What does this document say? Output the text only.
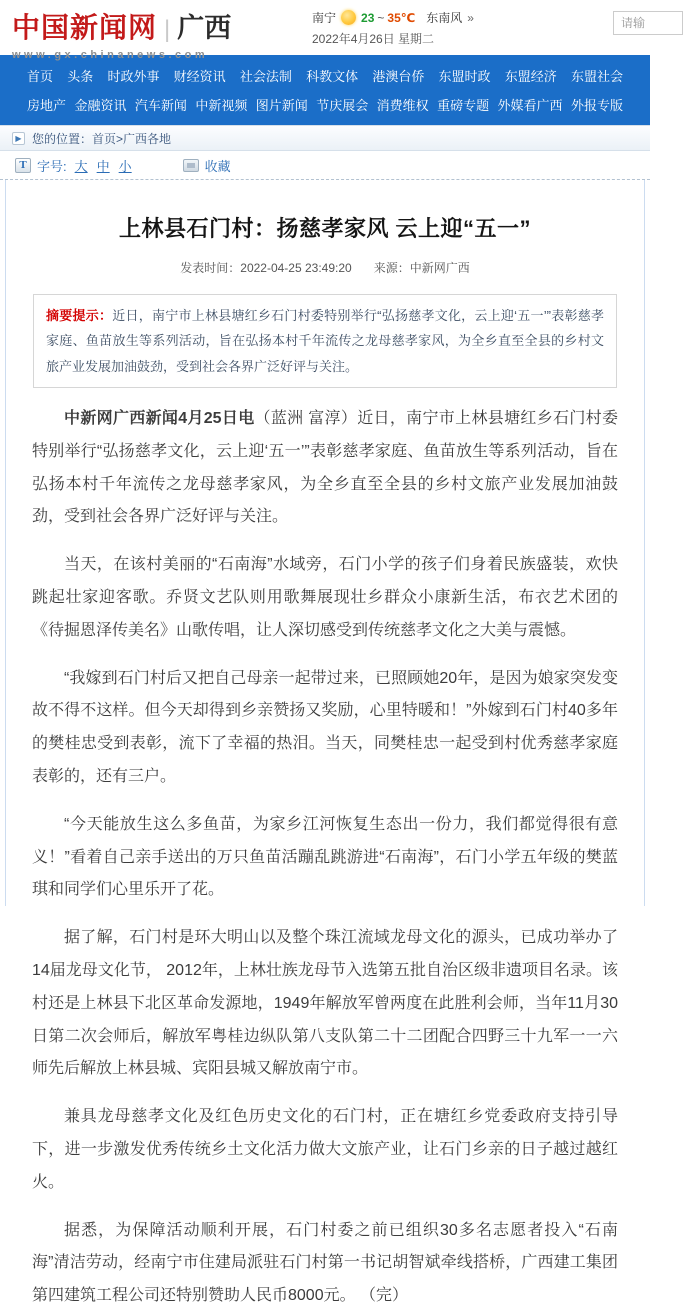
中国新闻网 | 广西
www.gx.chinanews.com
南宁 23 ~ 35℃ 东南风 »
2022年4月26日 星期二
请输
首页 头条 时政外事 财经资讯 社会法制 科教文体 港澳台侨 东盟时政 东盟经济 东盟社会
房地产 金融资讯 汽车新闻 中新视频 图片新闻 节庆展会 消费维权 重磅专题 外媒看广西 外报专版
▶ 您的位置： 首页>广西各地
T 字号: 大 中 小	收藏
上林县石门村：扬慈孝家风 云上迎“五一”
发表时间：2022-04-25 23:49:20 来源：中新网广西
摘要提示：近日，南宁市上林县塘红乡石门村委特别举行“弘扬慈孝文化，云上迎‘五一’”表彰慈孝家庭、鱼苗放生等系列活动，旨在弘扬本村千年流传之龙母慈孝家风，为全乡直至全县的乡村文旅产业发展加油鼓劲，受到社会各界广泛好评与关注。

中新网广西新闻4月25日电（蓝洲 富淳）近日，南宁市上林县塘红乡石门村委特别举行“弘扬慈孝文化，云上迎‘五一’”表彰慈孝家庭、鱼苗放生等系列活动，旨在弘扬本村千年流传之龙母慈孝家风，为全乡直至全县的乡村文旅产业发展加油鼓劲，受到社会各界广泛好评与关注。

当天，在该村美丽的“石南海”水域旁，石门小学的孩子们身着民族盛装，欢快跳起壮家迎客歌。乔贤文艺队则用歌舞展现壮乡群众小康新生活，布衣艺术团的《待掘恩泽传美名》山歌传唱，让人深切感受到传统慈孝文化之大美与震憾。

“我嫁到石门村后又把自己母亲一起带过来，已照顾她20年，是因为娘家突发变故不得不这样。但今天却得到乡亲赞扬又奖励，心里特暖和！”外嫁到石门村40多年的樊桂忠受到表彰，流下了幸福的热泪。当天，同樊桂忠一起受到村优秀慈孝家庭表彰的，还有三户。

“今天能放生这么多鱼苗，为家乡江河恢复生态出一份力，我们都觉得很有意义！”看着自己亲手送出的万只鱼苗活蹦乱跳游进“石南海”，石门小学五年级的樊蓝琪和同学们心里乐开了花。

据了解，石门村是环大明山以及整个珠江流域龙母文化的源头，已成功举办了14届龙母文化节， 2012年，上林壮族龙母节入选第五批自治区级非遗项目名录。该村还是上林县下北区革命发源地，1949年解放军曾两度在此胜利会师，当年11月30日第二次会师后，解放军粤桂边纵队第八支队第二十二团配合四野三十九军一一六师先后解放上林县城、宾阳县城又解放南宁市。

兼具龙母慈孝文化及红色历史文化的石门村，正在塘红乡党委政府支持引导下，进一步激发优秀传统乡土文化活力做大文旅产业，让石门乡亲的日子越过越红火。

据悉，为保障活动顺利开展，石门村委之前已组织30多名志愿者投入“石南海”清洁劳动，经南宁市住建局派驻石门村第一书记胡智斌牵线搭桥，广西建工集团第四建筑工程公司还特别赞助人民币8000元。 （完）
